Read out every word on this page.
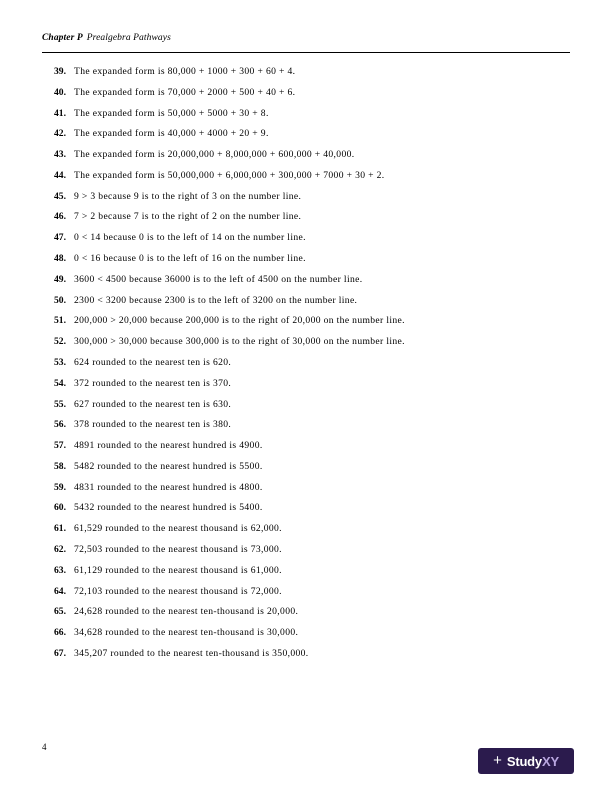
Chapter P Prealgebra Pathways
39. The expanded form is 80,000 + 1000 + 300 + 60 + 4.
40. The expanded form is 70,000 + 2000 + 500 + 40 + 6.
41. The expanded form is 50,000 + 5000 + 30 + 8.
42. The expanded form is 40,000 + 4000 + 20 + 9.
43. The expanded form is 20,000,000 + 8,000,000 + 600,000 + 40,000.
44. The expanded form is 50,000,000 + 6,000,000 + 300,000 + 7000 + 30 + 2.
45. 9 > 3 because 9 is to the right of 3 on the number line.
46. 7 > 2 because 7 is to the right of 2 on the number line.
47. 0 < 14 because 0 is to the left of 14 on the number line.
48. 0 < 16 because 0 is to the left of 16 on the number line.
49. 3600 < 4500 because 36000 is to the left of 4500 on the number line.
50. 2300 < 3200 because 2300 is to the left of 3200 on the number line.
51. 200,000 > 20,000 because 200,000 is to the right of 20,000 on the number line.
52. 300,000 > 30,000 because 300,000 is to the right of 30,000 on the number line.
53. 624 rounded to the nearest ten is 620.
54. 372 rounded to the nearest ten is 370.
55. 627 rounded to the nearest ten is 630.
56. 378 rounded to the nearest ten is 380.
57. 4891 rounded to the nearest hundred is 4900.
58. 5482 rounded to the nearest hundred is 5500.
59. 4831 rounded to the nearest hundred is 4800.
60. 5432 rounded to the nearest hundred is 5400.
61. 61,529 rounded to the nearest thousand is 62,000.
62. 72,503 rounded to the nearest thousand is 73,000.
63. 61,129 rounded to the nearest thousand is 61,000.
64. 72,103 rounded to the nearest thousand is 72,000.
65. 24,628 rounded to the nearest ten-thousand is 20,000.
66. 34,628 rounded to the nearest ten-thousand is 30,000.
67. 345,207 rounded to the nearest ten-thousand is 350,000.
4
+ StudyXY
